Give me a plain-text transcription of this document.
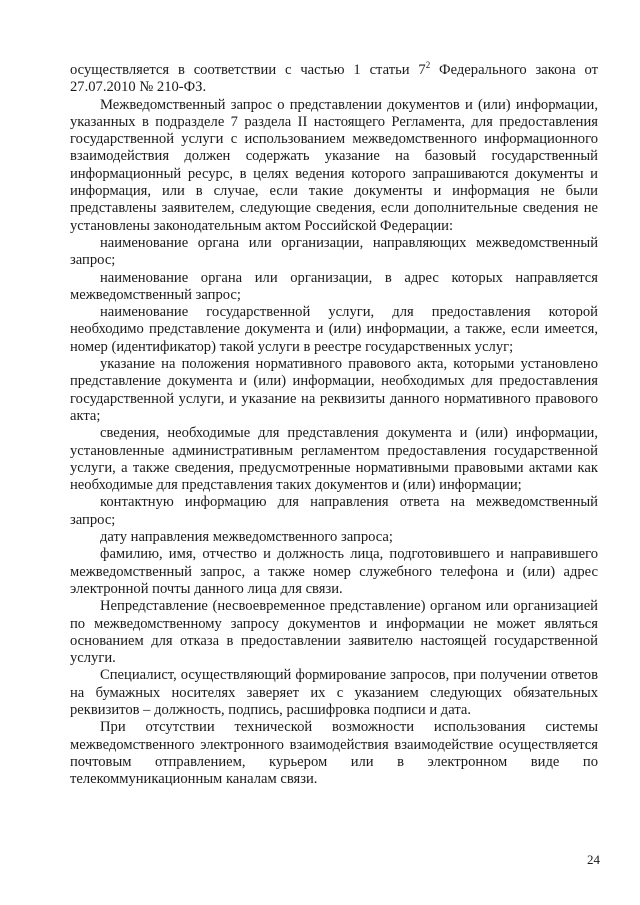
осуществляется в соответствии с частью 1 статьи $7^2$ Федерального закона от 27.07.2010 № 210-ФЗ.

Межведомственный запрос о представлении документов и (или) информации, указанных в подразделе 7 раздела II настоящего Регламента, для предоставления государственной услуги с использованием межведомственного информационного взаимодействия должен содержать указание на базовый государственный информационный ресурс, в целях ведения которого запрашиваются документы и информация, или в случае, если такие документы и информация не были представлены заявителем, следующие сведения, если дополнительные сведения не установлены законодательным актом Российской Федерации:

наименование органа или организации, направляющих межведомственный запрос;

наименование органа или организации, в адрес которых направляется межведомственный запрос;

наименование государственной услуги, для предоставления которой необходимо представление документа и (или) информации, а также, если имеется, номер (идентификатор) такой услуги в реестре государственных услуг;

указание на положения нормативного правового акта, которыми установлено представление документа и (или) информации, необходимых для предоставления государственной услуги, и указание на реквизиты данного нормативного правового акта;

сведения, необходимые для представления документа и (или) информации, установленные административным регламентом предоставления государственной услуги, а также сведения, предусмотренные нормативными правовыми актами как необходимые для представления таких документов и (или) информации;

контактную информацию для направления ответа на межведомственный запрос;

дату направления межведомственного запроса;

фамилию, имя, отчество и должность лица, подготовившего и направившего межведомственный запрос, а также номер служебного телефона и (или) адрес электронной почты данного лица для связи.

Непредставление (несвоевременное представление) органом или организацией по межведомственному запросу документов и информации не может являться основанием для отказа в предоставлении заявителю настоящей государственной услуги.

Специалист, осуществляющий формирование запросов, при получении ответов на бумажных носителях заверяет их с указанием следующих обязательных реквизитов – должность, подпись, расшифровка подписи и дата.

При отсутствии технической возможности использования системы межведомственного электронного взаимодействия взаимодействие осуществляется почтовым отправлением, курьером или в электронном виде по телекоммуникационным каналам связи.

24
